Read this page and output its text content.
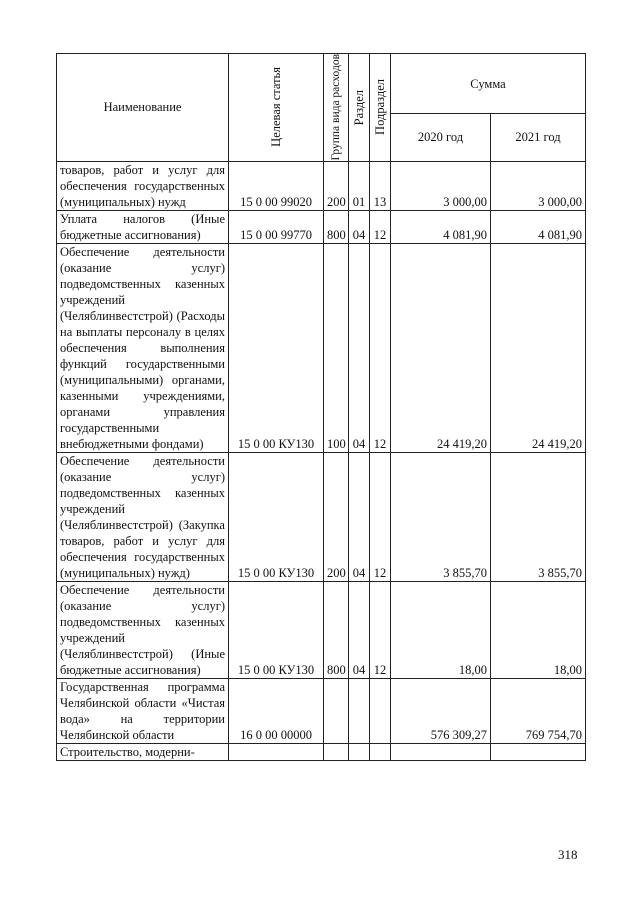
Наименование	Целевая статья	Группа вида расходов	Раздел	Подраздел	Сумма	
					2020 год	2021 год
товаров, работ и услуг для обеспечения государственных (муниципальных) нужд	15 0 00 99020	200	01	13	3 000,00	3 000,00
Уплата налогов (Иные бюджетные ассигнования)	15 0 00 99770	800	04	12	4 081,90	4 081,90
Обеспечение деятельности (оказание услуг) подведомственных казенных учреждений (Челяблинвестстрой) (Расходы на выплаты персоналу в целях обеспечения выполнения функций государственными (муниципальными) органами, казенными учреждениями, органами управления государственными внебюджетными фондами)	15 0 00 КУ130	100	04	12	24 419,20	24 419,20
Обеспечение деятельности (оказание услуг) подведомственных казенных учреждений (Челяблинвестстрой) (Закупка товаров, работ и услуг для обеспечения государственных (муниципальных) нужд)	15 0 00 КУ130	200	04	12	3 855,70	3 855,70
Обеспечение деятельности (оказание услуг) подведомственных казенных учреждений (Челяблинвестстрой) (Иные бюджетные ассигнования)	15 0 00 КУ130	800	04	12	18,00	18,00
Государственная программа Челябинской области «Чистая вода» на территории Челябинской области	16 0 00 00000				576 309,27	769 754,70
Строительство, модерни-						
318
